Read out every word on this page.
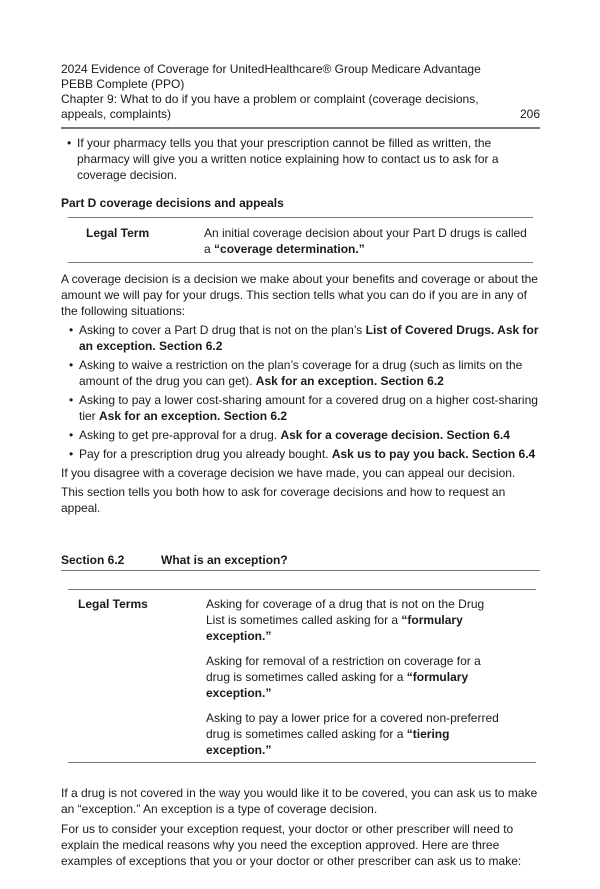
2024 Evidence of Coverage for UnitedHealthcare® Group Medicare Advantage PEBB Complete (PPO)
Chapter 9: What to do if you have a problem or complaint (coverage decisions, appeals, complaints)	206
• If your pharmacy tells you that your prescription cannot be filled as written, the pharmacy will give you a written notice explaining how to contact us to ask for a coverage decision.
Part D coverage decisions and appeals
Legal Term	An initial coverage decision about your Part D drugs is called a “coverage determination.”

A coverage decision is a decision we make about your benefits and coverage or about the amount we will pay for your drugs. This section tells what you can do if you are in any of the following situations:

• Asking to cover a Part D drug that is not on the plan’s List of Covered Drugs. Ask for an exception. Section 6.2
• Asking to waive a restriction on the plan’s coverage for a drug (such as limits on the amount of the drug you can get). Ask for an exception. Section 6.2
• Asking to pay a lower cost-sharing amount for a covered drug on a higher cost-sharing tier Ask for an exception. Section 6.2
• Asking to get pre-approval for a drug. Ask for a coverage decision. Section 6.4
• Pay for a prescription drug you already bought. Ask us to pay you back. Section 6.4

If you disagree with a coverage decision we have made, you can appeal our decision.

This section tells you both how to ask for coverage decisions and how to request an appeal.

Section 6.2	What is an exception?
Legal Terms	Asking for coverage of a drug that is not on the Drug List is sometimes called asking for a “formulary exception.”

Asking for removal of a restriction on coverage for a drug is sometimes called asking for a “formulary exception.”

Asking to pay a lower price for a covered non-preferred drug is sometimes called asking for a “tiering exception.”

If a drug is not covered in the way you would like it to be covered, you can ask us to make an “exception.” An exception is a type of coverage decision.

For us to consider your exception request, your doctor or other prescriber will need to explain the medical reasons why you need the exception approved. Here are three examples of exceptions that you or your doctor or other prescriber can ask us to make:
